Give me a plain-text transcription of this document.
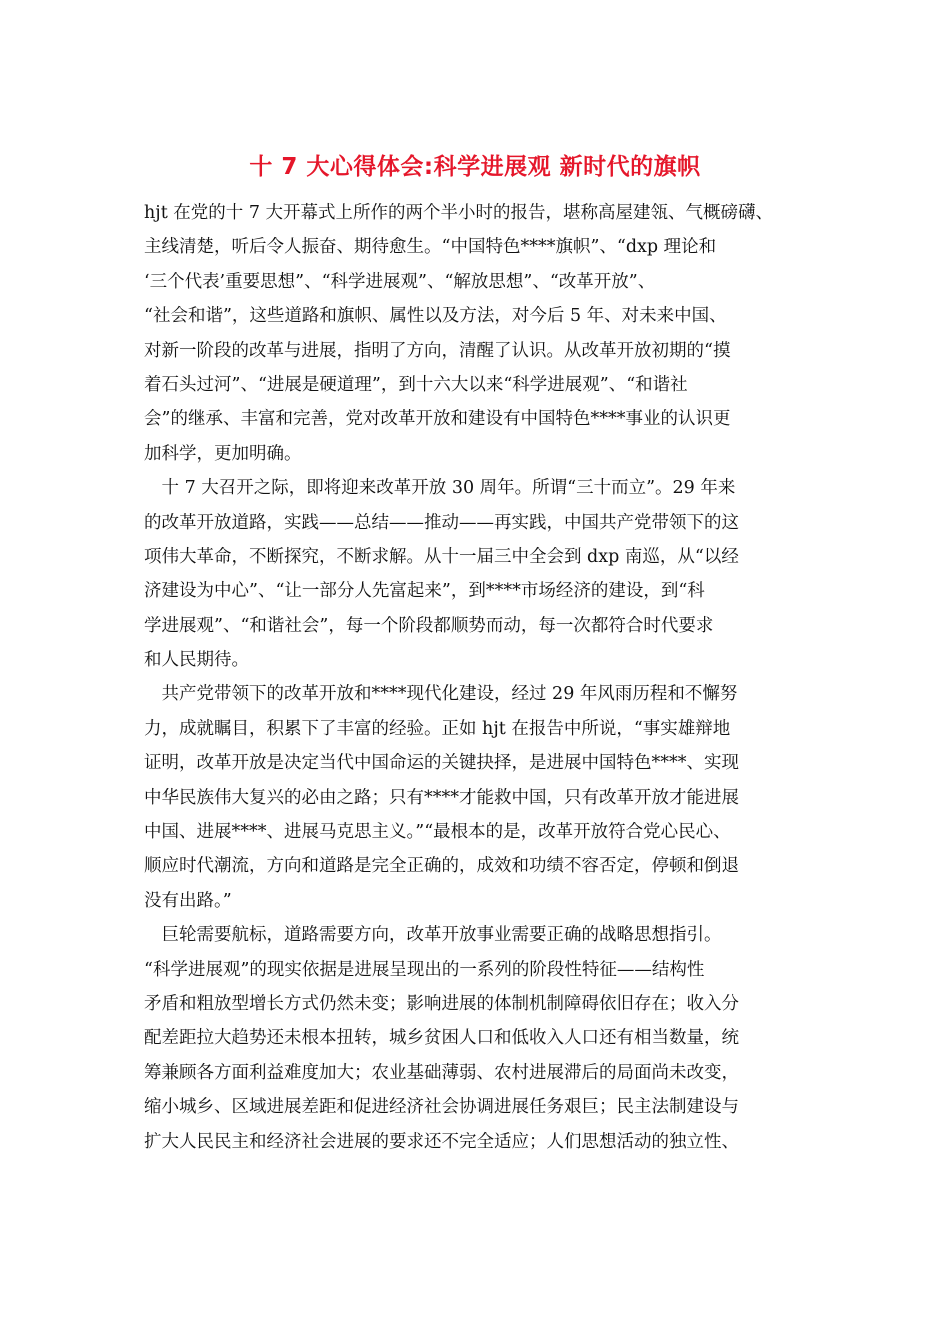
十 7 大心得体会:科学进展观 新时代的旗帜
hjt 在党的十 7 大开幕式上所作的两个半小时的报告，堪称高屋建瓴、气概磅礴、
主线清楚，听后令人振奋、期待愈生。“中国特色****旗帜”、“dxp 理论和
‘三个代表’重要思想”、“科学进展观”、“解放思想”、“改革开放”、
“社会和谐”，这些道路和旗帜、属性以及方法，对今后 5 年、对未来中国、
对新一阶段的改革与进展，指明了方向，清醒了认识。从改革开放初期的“摸
着石头过河”、“进展是硬道理”，到十六大以来“科学进展观”、“和谐社
会”的继承、丰富和完善，党对改革开放和建设有中国特色****事业的认识更
加科学，更加明确。
　十 7 大召开之际，即将迎来改革开放 30 周年。所谓“三十而立”。29 年来
的改革开放道路，实践——总结——推动——再实践，中国共产党带领下的这
项伟大革命，不断探究，不断求解。从十一届三中全会到 dxp 南巡，从“以经
济建设为中心”、“让一部分人先富起来”，到****市场经济的建设，到“科
学进展观”、“和谐社会”，每一个阶段都顺势而动，每一次都符合时代要求
和人民期待。
　共产党带领下的改革开放和****现代化建设，经过 29 年风雨历程和不懈努
力，成就瞩目，积累下了丰富的经验。正如 hjt 在报告中所说，“事实雄辩地
证明，改革开放是决定当代中国命运的关键抉择，是进展中国特色****、实现
中华民族伟大复兴的必由之路；只有****才能救中国，只有改革开放才能进展
中国、进展****、进展马克思主义。”“最根本的是，改革开放符合党心民心、
顺应时代潮流，方向和道路是完全正确的，成效和功绩不容否定，停顿和倒退
没有出路。”
　巨轮需要航标，道路需要方向，改革开放事业需要正确的战略思想指引。
“科学进展观”的现实依据是进展呈现出的一系列的阶段性特征——结构性
矛盾和粗放型增长方式仍然未变；影响进展的体制机制障碍依旧存在；收入分
配差距拉大趋势还未根本扭转，城乡贫困人口和低收入人口还有相当数量，统
筹兼顾各方面利益难度加大；农业基础薄弱、农村进展滞后的局面尚未改变，
缩小城乡、区域进展差距和促进经济社会协调进展任务艰巨；民主法制建设与
扩大人民民主和经济社会进展的要求还不完全适应；人们思想活动的独立性、
